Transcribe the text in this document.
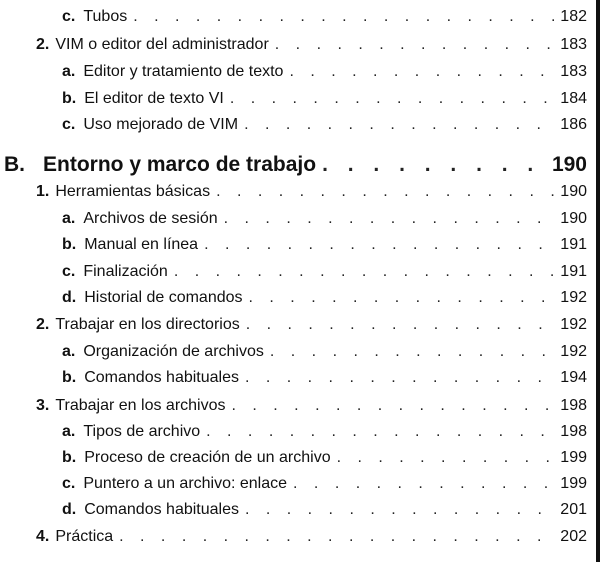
c. Tubos . . .	182
2. VIM o editor del administrador . . .	183
a. Editor y tratamiento de texto . . .	183
b. El editor de texto VI . . .	184
c. Uso mejorado de VIM . . .	186
B. Entorno y marco de trabajo . . .	190
1. Herramientas básicas . . .	190
a. Archivos de sesión . . .	190
b. Manual en línea . . .	191
c. Finalización . . .	191
d. Historial de comandos . . .	192
2. Trabajar en los directorios . . .	192
a. Organización de archivos . . .	192
b. Comandos habituales . . .	194
3. Trabajar en los archivos . . .	198
a. Tipos de archivo . . .	198
b. Proceso de creación de un archivo . . .	199
c. Puntero a un archivo: enlace . . .	199
d. Comandos habituales . . .	201
4. Práctica . . .	202
